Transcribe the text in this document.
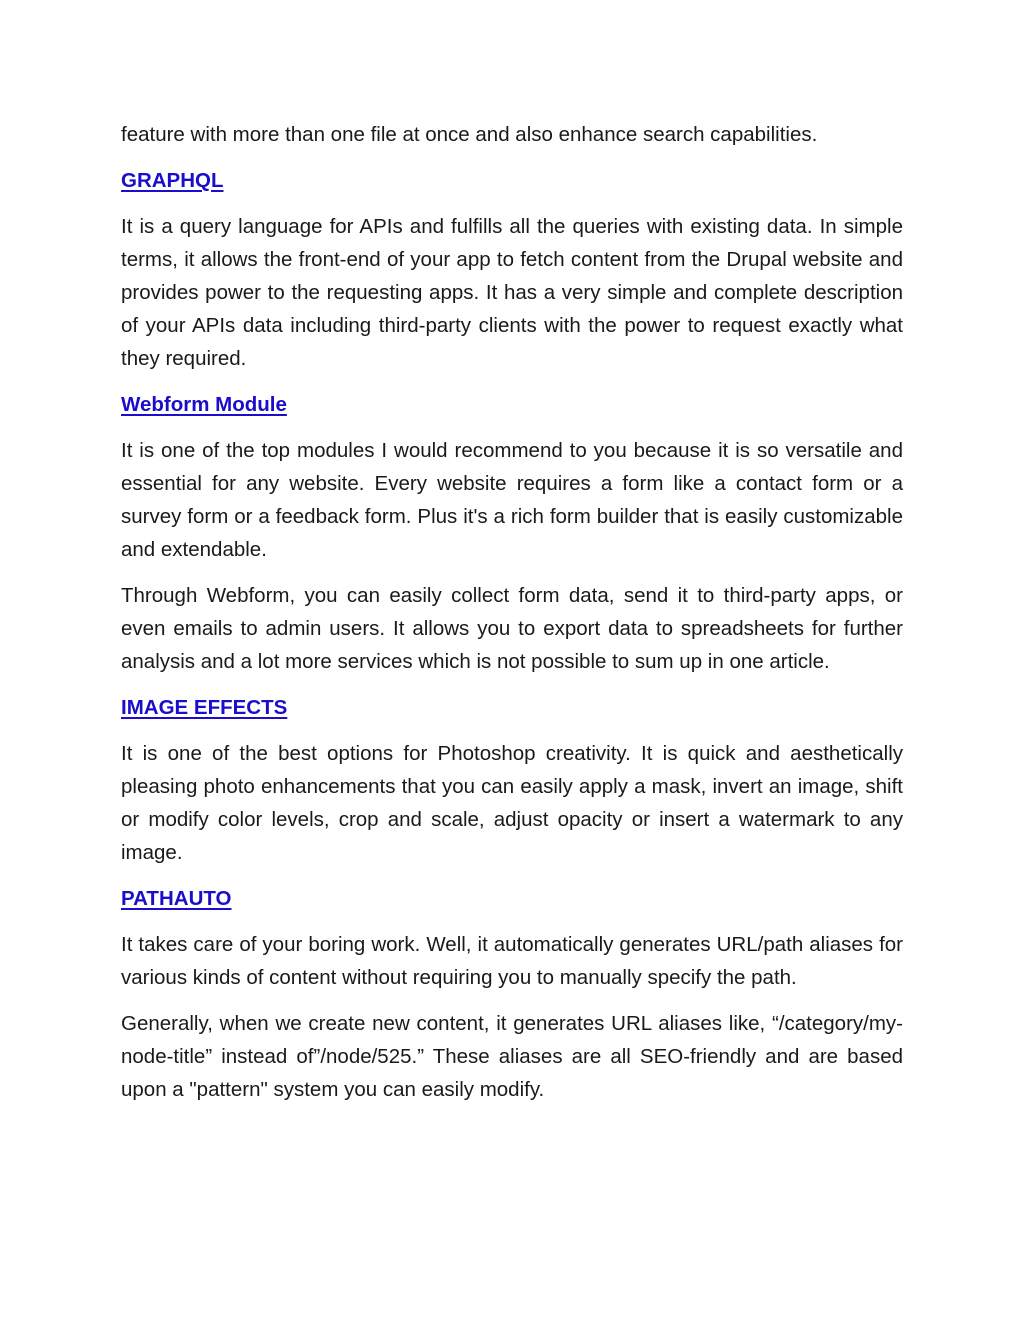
feature with more than one file at once and also enhance search capabilities.

GRAPHQL

It is a query language for APIs and fulfills all the queries with existing data. In simple terms, it allows the front-end of your app to fetch content from the Drupal website and provides power to the requesting apps. It has a very simple and complete description of your APIs data including third-party clients with the power to request exactly what they required.

Webform Module

It is one of the top modules I would recommend to you because it is so versatile and essential for any website. Every website requires a form like a contact form or a survey form or a feedback form. Plus it's a rich form builder that is easily customizable and extendable.

Through Webform, you can easily collect form data, send it to third-party apps, or even emails to admin users. It allows you to export data to spreadsheets for further analysis and a lot more services which is not possible to sum up in one article.

IMAGE EFFECTS

It is one of the best options for Photoshop creativity. It is quick and aesthetically pleasing photo enhancements that you can easily apply a mask, invert an image, shift or modify color levels, crop and scale, adjust opacity or insert a watermark to any image.

PATHAUTO

It takes care of your boring work. Well, it automatically generates URL/path aliases for various kinds of content without requiring you to manually specify the path.

Generally, when we create new content, it generates URL aliases like, “/category/my-node-title” instead of”/node/525.” These aliases are all SEO-friendly and are based upon a "pattern" system you can easily modify.
